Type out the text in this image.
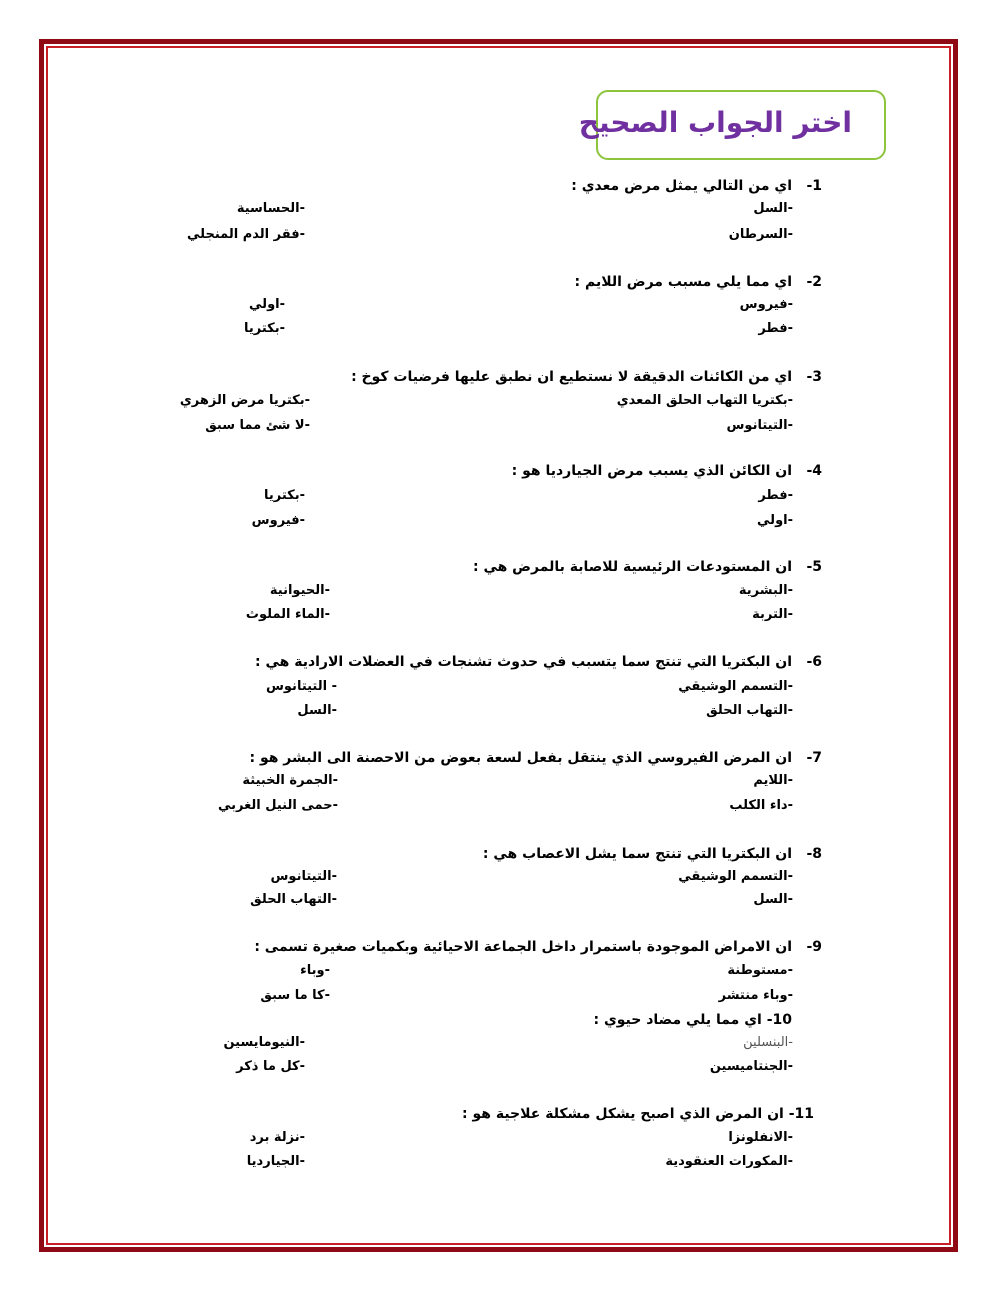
اختر الجواب الصحيح
-1
اي من التالي يمثل مرض معدي :
-السل
-الحساسية
-السرطان
-فقر الدم المنجلي
-2
اي مما يلي مسبب مرض اللايم :
-فيروس
-اولي
-فطر
-بكتريا
-3
اي من الكائنات الدقيقة لا نستطيع ان نطبق عليها فرضيات كوخ :
-بكتريا التهاب الحلق المعدي
-بكتريا مرض الزهري
-التيتانوس
-لا شئ مما سبق
-4
ان الكائن الذي يسبب مرض الجياردیا هو :
-فطر
-بكتريا
-اولي
-فيروس
-5
ان المستودعات الرئيسية للاصابة بالمرض هي :
-البشرية
-الحيوانية
-التربة
-الماء الملوث
-6
ان البكتريا التي تنتج سما يتسبب في حدوث تشنجات في العضلات الارادية هي :
-التسمم الوشيقي
- التيتانوس
-التهاب الحلق
-السل
-7
ان المرض الفيروسي الذي ينتقل بفعل لسعة بعوض من الاحصنة الى البشر هو :
-اللايم
-الجمرة الخبيثة
-داء الكلب
-حمى النيل الغربي
-8
ان البكتريا التي تنتج سما يشل الاعصاب هي :
-التسمم الوشيقي
-التيتانوس
-السل
-التهاب الحلق
-9
ان الامراض الموجودة باستمرار داخل الجماعة الاحيائية وبكميات صغيرة تسمى :
-مستوطنة
-وباء
-وباء منتشر
-كا ما سبق
10- اي مما يلي مضاد حيوي :
-البنسلين
-النيومايسين
-الجنتاميسين
-كل ما ذكر
11- ان المرض الذي اصبح يشكل مشكلة علاجية هو :
-الانفلونزا
-نزلة برد
-المكورات العنقودية
-الجياردیا
